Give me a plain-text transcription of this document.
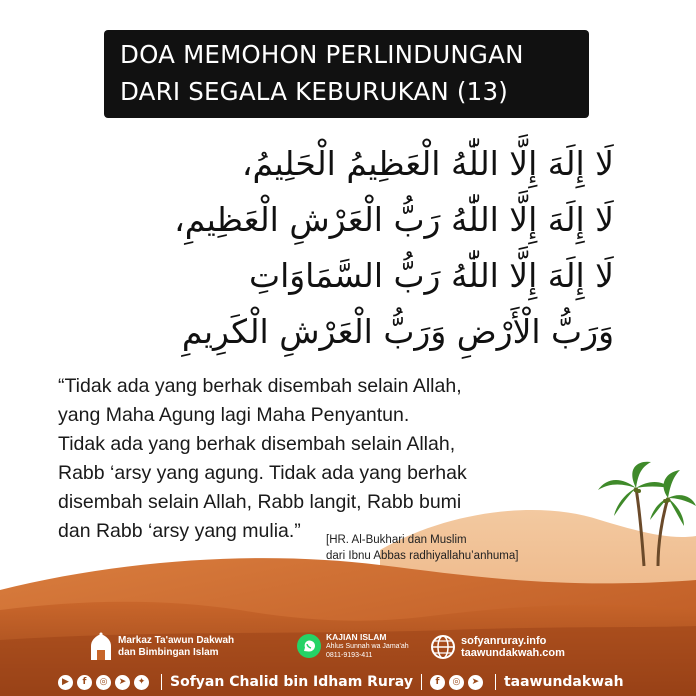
DOA MEMOHON PERLINDUNGAN
DARI SEGALA KEBURUKAN (13)
لَا إِلَهَ إِلَّا اللّٰهُ الْعَظِيمُ الْحَلِيمُ،
لَا إِلَهَ إِلَّا اللّٰهُ رَبُّ الْعَرْشِ الْعَظِيمِ،
لَا إِلَهَ إِلَّا اللّٰهُ رَبُّ السَّمَاوَاتِ
وَرَبُّ الْأَرْضِ وَرَبُّ الْعَرْشِ الْكَرِيمِ
“Tidak ada yang berhak disembah selain Allah,
yang Maha Agung lagi Maha Penyantun.
Tidak ada yang berhak disembah selain Allah,
Rabb ‘arsy yang agung. Tidak ada yang berhak
disembah selain Allah, Rabb langit, Rabb bumi
dan Rabb ‘arsy yang mulia.”	[HR. Al-Bukhari dan Muslim
dari Ibnu Abbas radhiyallahu’anhuma]
Markaz Ta'awun Dakwah
dan Bimbingan Islam
KAJIAN ISLAM
Ahlus Sunnah wa Jama'ah
0811-9193-411
sofyanruray.info
taawundakwah.com
▶	f	◎	➤	✦ Sofyan Chalid bin Idham Ruray	f	◎	➤ taawundakwah
